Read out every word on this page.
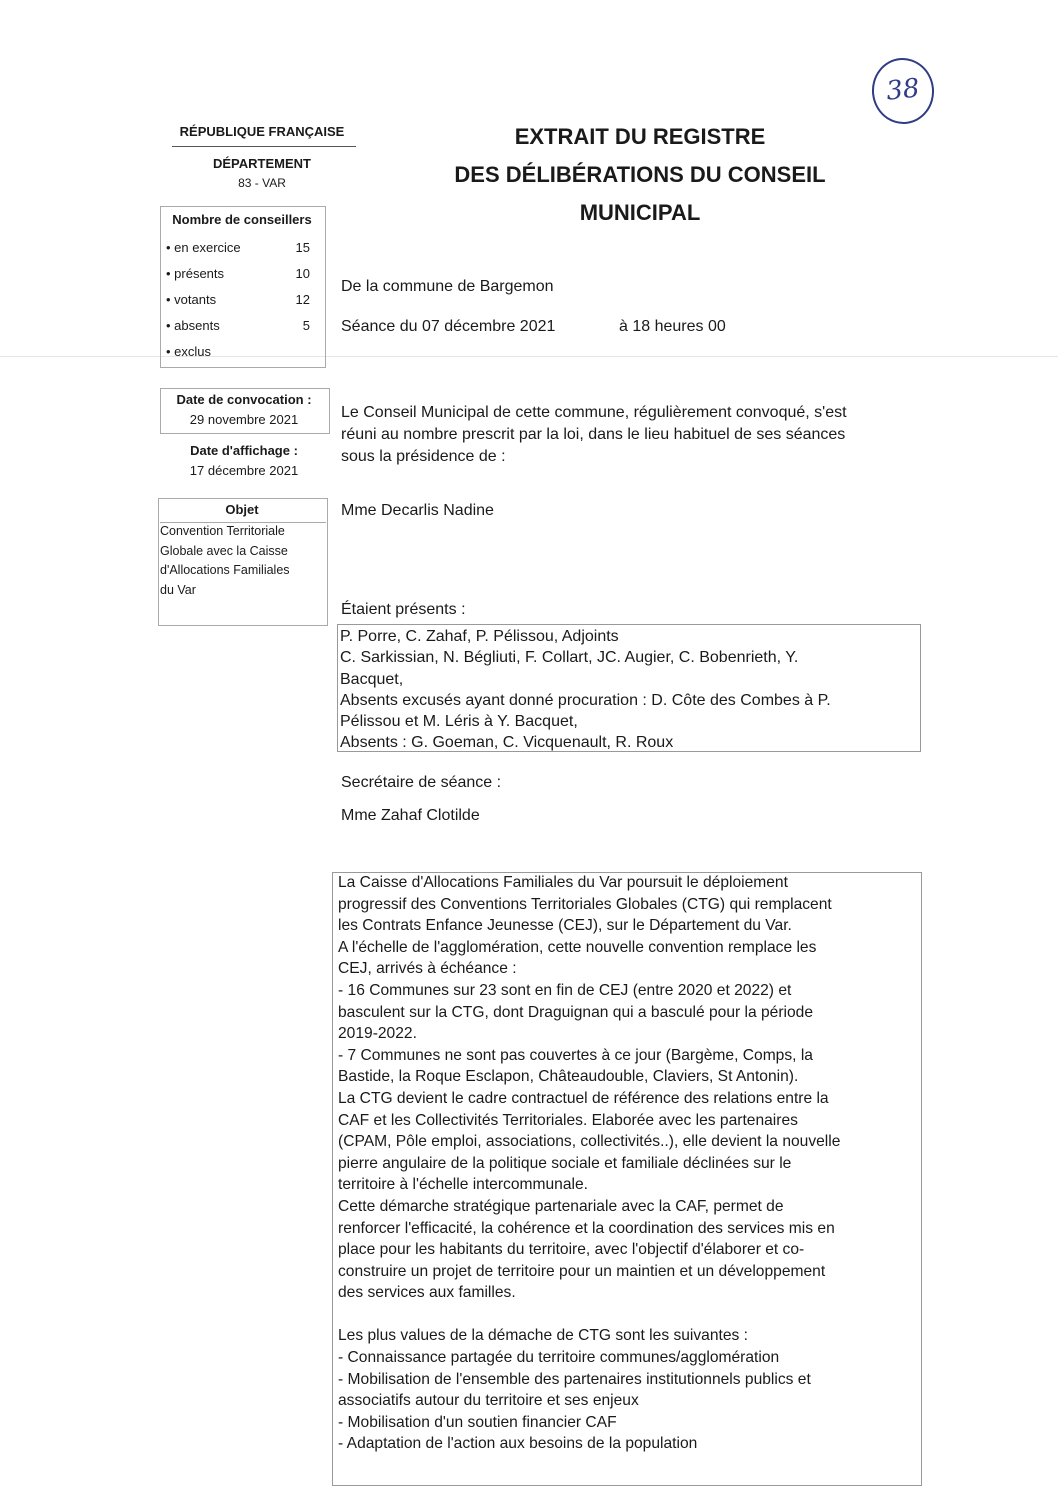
38
RÉPUBLIQUE FRANÇAISE
DÉPARTEMENT
83 - VAR
EXTRAIT DU REGISTRE
DES DÉLIBÉRATIONS DU CONSEIL
MUNICIPAL
Nombre de conseillers
• en exercice	15
• présents	10
• votants	12
• absents	5
• exclus
Date de convocation :
29 novembre 2021
Date d'affichage :
17 décembre 2021
Objet
Convention Territoriale
Globale avec la Caisse
d'Allocations Familiales
du Var
De la commune de Bargemon
Séance du 07 décembre 2021	à 18 heures 00
Le Conseil Municipal de cette commune, régulièrement convoqué, s'est
réuni au nombre prescrit par la loi, dans le lieu habituel de ses séances
sous la présidence de :
Mme Decarlis Nadine
Étaient présents :
P. Porre, C. Zahaf, P. Pélissou, Adjoints
C. Sarkissian, N. Bégliuti, F. Collart, JC. Augier, C. Bobenrieth, Y.
Bacquet,
Absents excusés ayant donné procuration : D. Côte des Combes à P.
Pélissou et M. Léris à Y. Bacquet,
Absents : G. Goeman, C. Vicquenault, R. Roux
Secrétaire de séance :
Mme Zahaf Clotilde

La Caisse d'Allocations Familiales du Var poursuit le déploiement

progressif des Conventions Territoriales Globales (CTG) qui remplacent

les Contrats Enfance Jeunesse (CEJ), sur le Département du Var.

A l'échelle de l'agglomération, cette nouvelle convention remplace les

CEJ, arrivés à échéance :

- 16 Communes sur 23 sont en fin de CEJ (entre 2020 et 2022) et

basculent sur la CTG, dont Draguignan qui a basculé pour la période

2019-2022.

- 7 Communes ne sont pas couvertes à ce jour (Bargème, Comps, la

Bastide, la Roque Esclapon, Châteaudouble, Claviers, St Antonin).

La CTG devient le cadre contractuel de référence des relations entre la

CAF et les Collectivités Territoriales. Elaborée avec les partenaires

(CPAM, Pôle emploi, associations, collectivités..), elle devient la nouvelle

pierre angulaire de la politique sociale et familiale déclinées sur le

territoire à l'échelle intercommunale.

Cette démarche stratégique partenariale avec la CAF, permet de

renforcer l'efficacité, la cohérence et la coordination des services mis en

place pour les habitants du territoire, avec l'objectif d'élaborer et co-

construire un projet de territoire pour un maintien et un développement

des services aux familles.

Les plus values de la démache de CTG sont les suivantes :

- Connaissance partagée du territoire communes/agglomération

- Mobilisation de l'ensemble des partenaires institutionnels publics et

associatifs autour du territoire et ses enjeux

- Mobilisation d'un soutien financier CAF

- Adaptation de l'action aux besoins de la population
